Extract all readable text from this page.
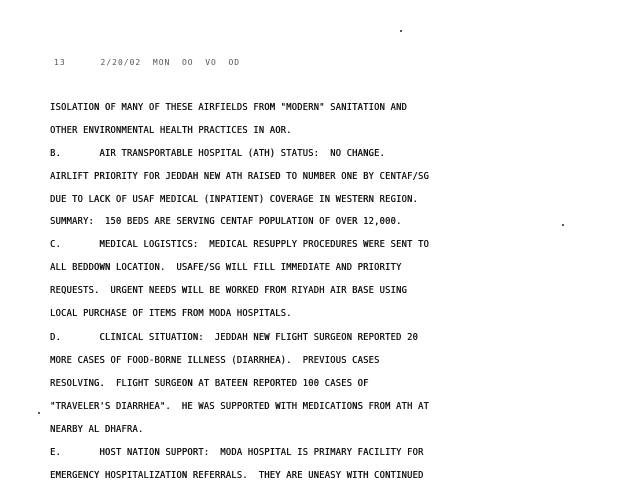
13      2/20/02  MON  OO  VO  OD
ISOLATION OF MANY OF THESE AIRFIELDS FROM "MODERN" SANITATION AND
OTHER ENVIRONMENTAL HEALTH PRACTICES IN AOR.
B.       AIR TRANSPORTABLE HOSPITAL (ATH) STATUS:  NO CHANGE.
AIRLIFT PRIORITY FOR JEDDAH NEW ATH RAISED TO NUMBER ONE BY CENTAF/SG
DUE TO LACK OF USAF MEDICAL (INPATIENT) COVERAGE IN WESTERN REGION.
SUMMARY:  150 BEDS ARE SERVING CENTAF POPULATION OF OVER 12,000.
C.       MEDICAL LOGISTICS:  MEDICAL RESUPPLY PROCEDURES WERE SENT TO
ALL BEDDOWN LOCATION.  USAFE/SG WILL FILL IMMEDIATE AND PRIORITY
REQUESTS.  URGENT NEEDS WILL BE WORKED FROM RIYADH AIR BASE USING
LOCAL PURCHASE OF ITEMS FROM MODA HOSPITALS.
D.       CLINICAL SITUATION:  JEDDAH NEW FLIGHT SURGEON REPORTED 20
MORE CASES OF FOOD-BORNE ILLNESS (DIARRHEA).  PREVIOUS CASES
RESOLVING.  FLIGHT SURGEON AT BATEEN REPORTED 100 CASES OF
"TRAVELER'S DIARRHEA".  HE WAS SUPPORTED WITH MEDICATIONS FROM ATH AT
NEARBY AL DHAFRA.
E.       HOST NATION SUPPORT:  MODA HOSPITAL IS PRIMARY FACILITY FOR
EMERGENCY HOSPITALIZATION REFERRALS.  THEY ARE UNEASY WITH CONTINUED
